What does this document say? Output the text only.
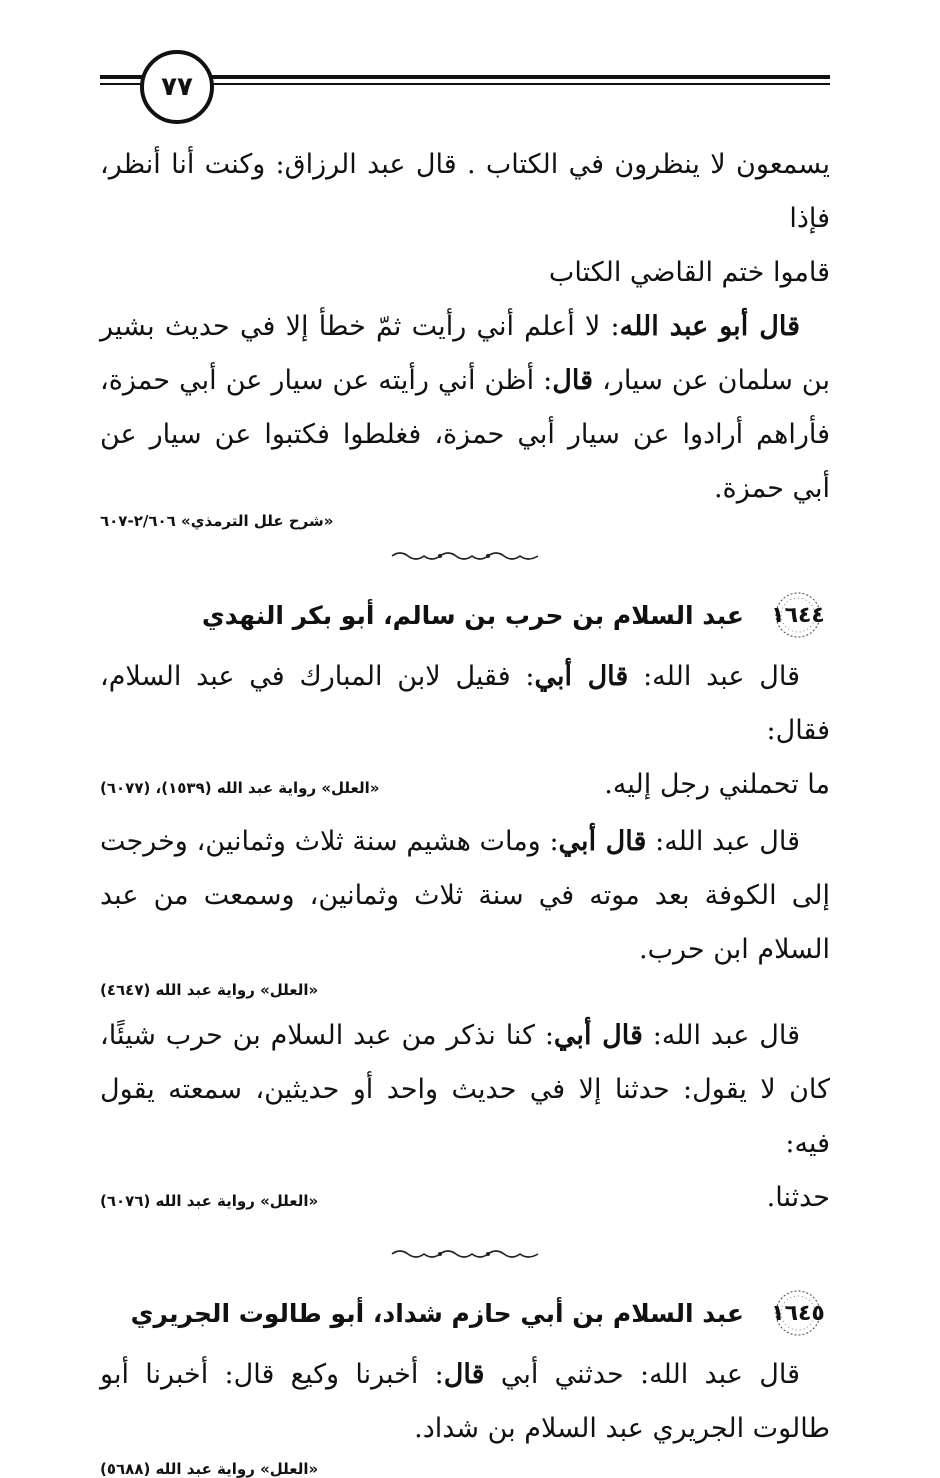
٧٧

يسمعون لا ينظرون في الكتاب . قال عبد الرزاق: وكنت أنا أنظر، فإذا
قاموا ختم القاضي الكتاب

قال أبو عبد الله: لا أعلم أني رأيت ثمّ خطأ إلا في حديث بشير بن سلمان عن سيار، قال: أظن أني رأيته عن سيار عن أبي حمزة، فأراهم أرادوا عن سيار أبي حمزة، فغلطوا فكتبوا عن سيار عن أبي حمزة.

«شرح علل الترمذي» ٢/٦٠٦-٦٠٧
١٦٤٤
عبد السلام بن حرب بن سالم، أبو بكر النهدي

قال عبد الله: قال أبي: فقيل لابن المبارك في عبد السلام، فقال:

ما تحملني رجل إليه.
«العلل» رواية عبد الله (١٥٣٩)، (٦٠٧٧)

قال عبد الله: قال أبي: ومات هشيم سنة ثلاث وثمانين، وخرجت إلى الكوفة بعد موته في سنة ثلاث وثمانين، وسمعت من عبد السلام ابن حرب.

«العلل» رواية عبد الله (٤٦٤٧)

قال عبد الله: قال أبي: كنا نذكر من عبد السلام بن حرب شيئًا، كان لا يقول: حدثنا إلا في حديث واحد أو حديثين، سمعته يقول فيه:

حدثنا.
«العلل» رواية عبد الله (٦٠٧٦)
١٦٤٥
عبد السلام بن أبي حازم شداد، أبو طالوت الجريري

قال عبد الله: حدثني أبي قال: أخبرنا وكيع قال: أخبرنا أبو طالوت الجريري عبد السلام بن شداد.

«العلل» رواية عبد الله (٥٦٨٨)
